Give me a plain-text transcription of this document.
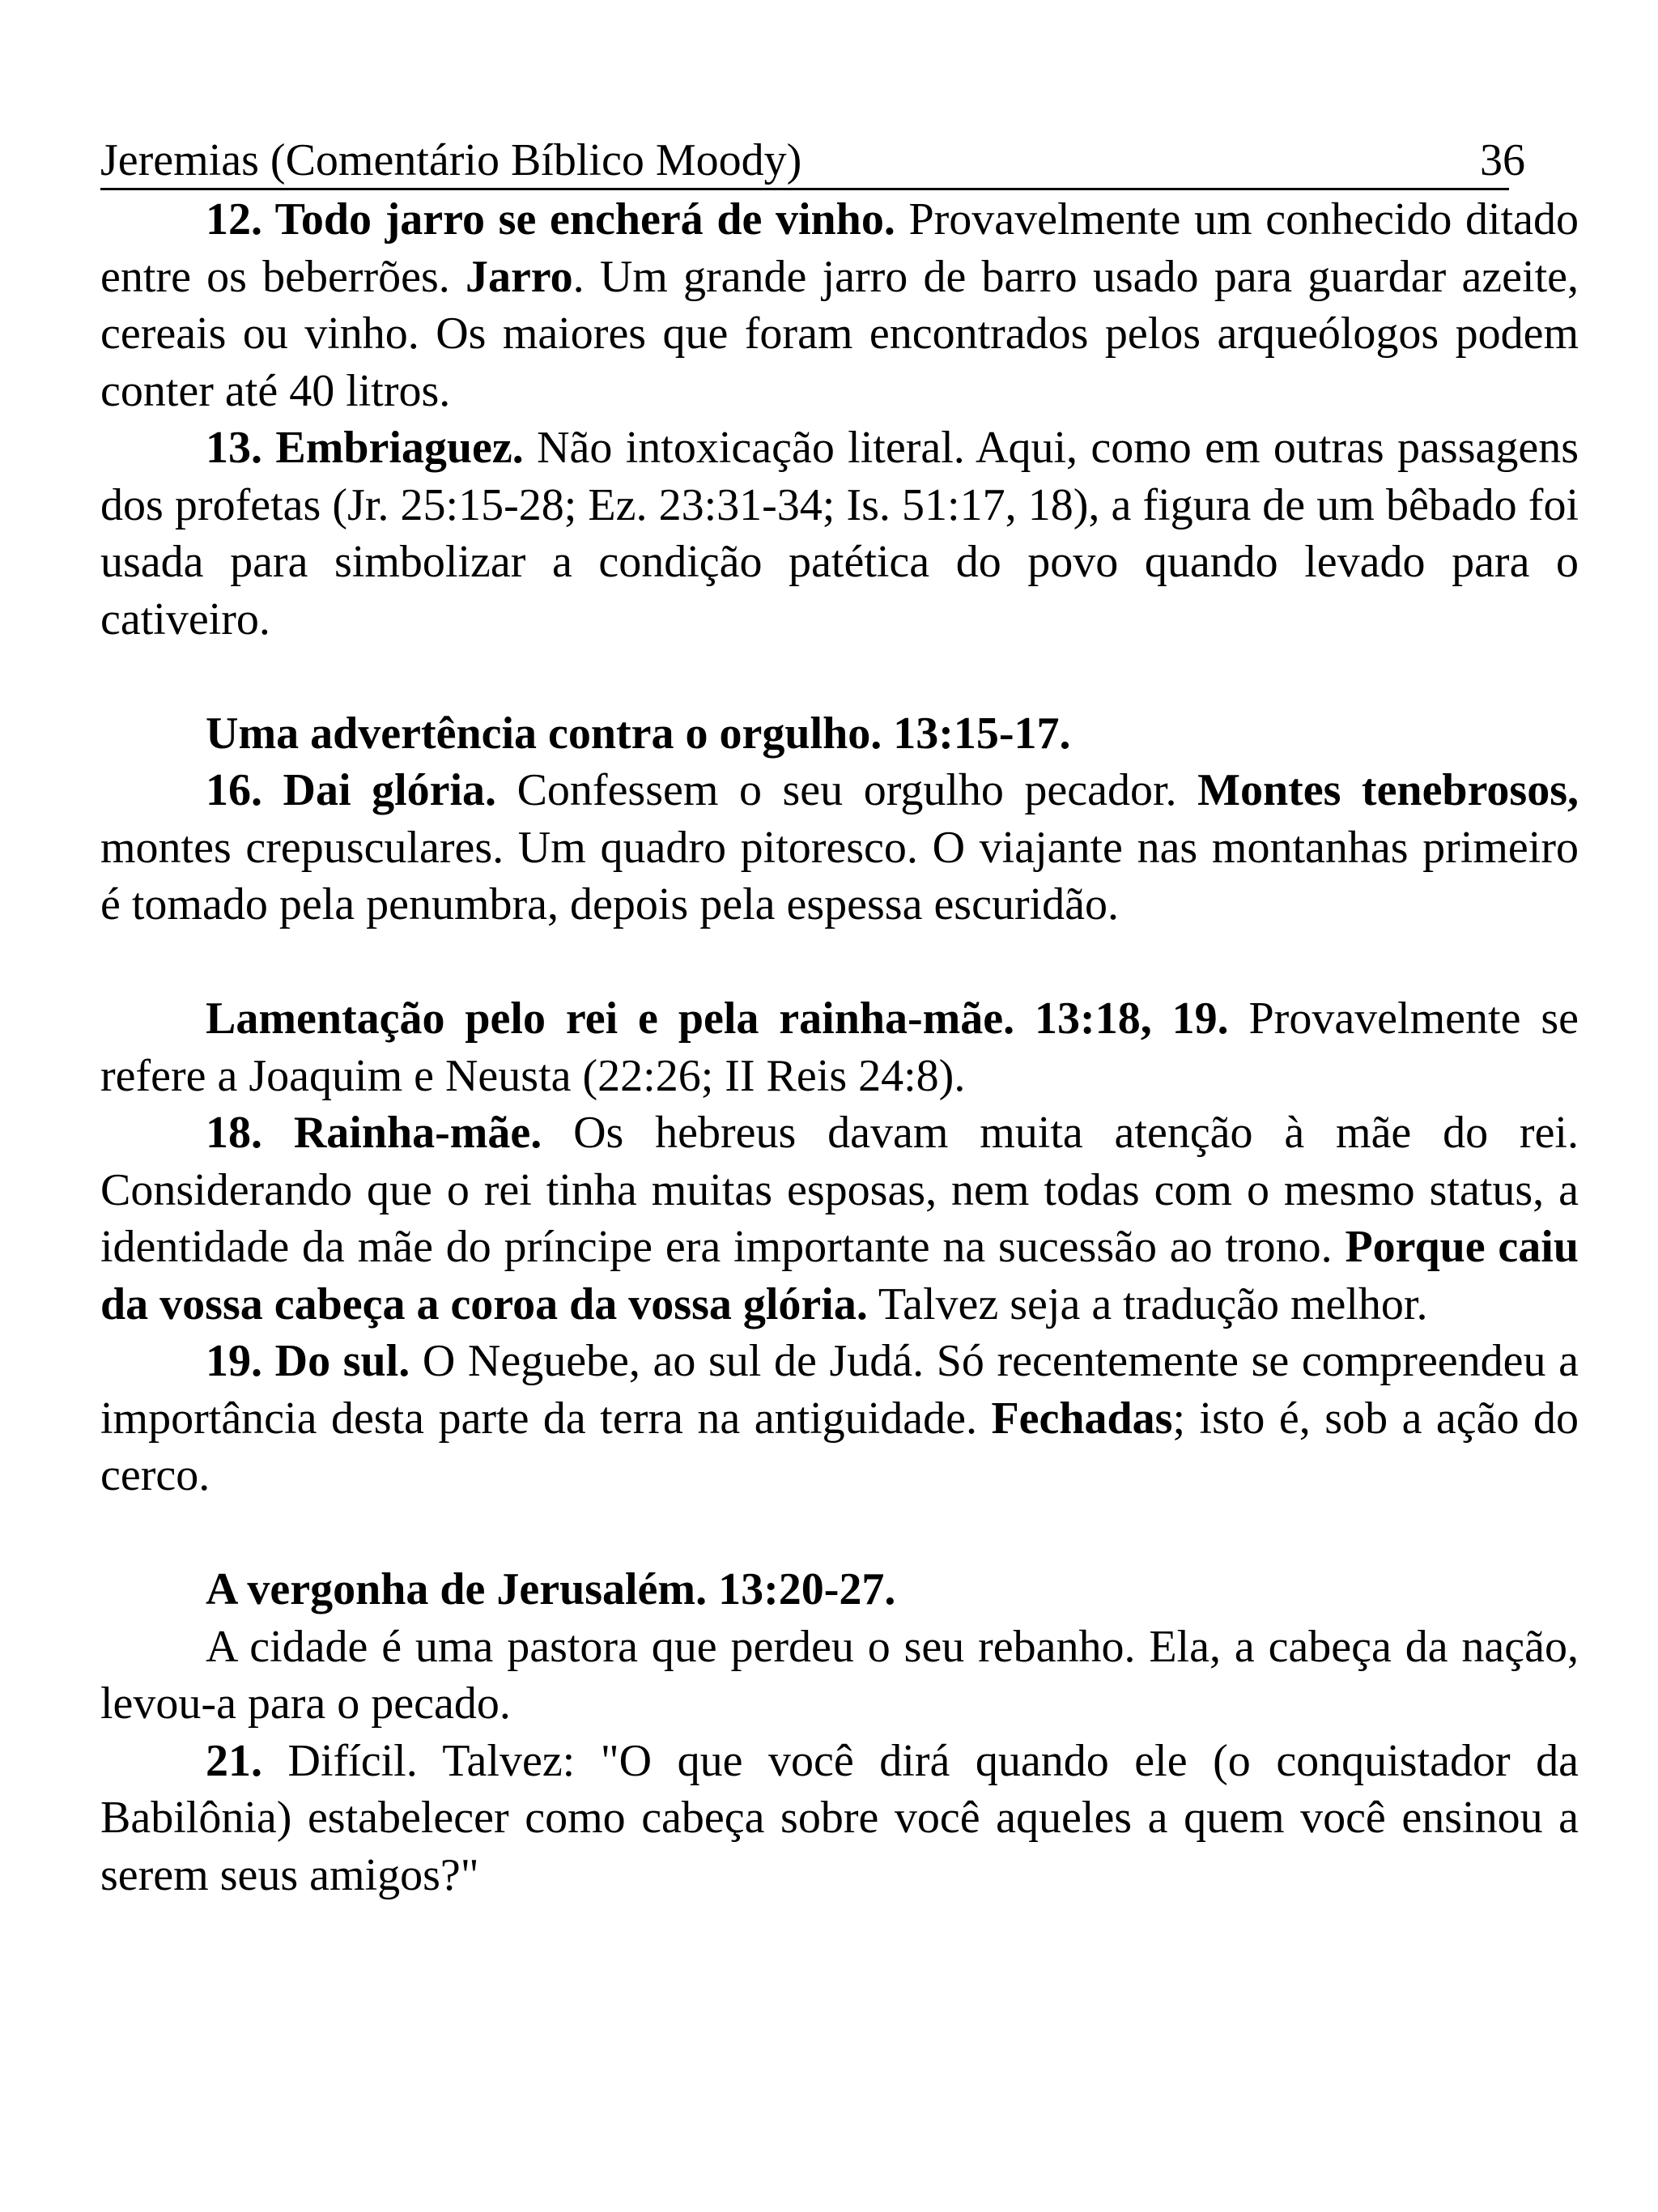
Jeremias (Comentário Bíblico Moody)	36

12. Todo jarro se encherá de vinho. Provavelmente um conhecido ditado entre os beberrões. Jarro. Um grande jarro de barro usado para guardar azeite, cereais ou vinho. Os maiores que foram encontrados pelos arqueólogos podem conter até 40 litros.

13. Embriaguez. Não intoxicação literal. Aqui, como em outras passagens dos profetas (Jr. 25:15-28; Ez. 23:31-34; Is. 51:17, 18), a figura de um bêbado foi usada para simbolizar a condição patética do povo quando levado para o cativeiro.

Uma advertência contra o orgulho. 13:15-17.

16. Dai glória. Confessem o seu orgulho pecador. Montes tenebrosos, montes crepusculares. Um quadro pitoresco. O viajante nas montanhas primeiro é tomado pela penumbra, depois pela espessa escuridão.

Lamentação pelo rei e pela rainha-mãe. 13:18, 19. Provavelmente se refere a Joaquim e Neusta (22:26; II Reis 24:8).

18. Rainha-mãe. Os hebreus davam muita atenção à mãe do rei. Considerando que o rei tinha muitas esposas, nem todas com o mesmo status, a identidade da mãe do príncipe era importante na sucessão ao trono. Porque caiu da vossa cabeça a coroa da vossa glória. Talvez seja a tradução melhor.

19. Do sul. O Neguebe, ao sul de Judá. Só recentemente se compreendeu a importância desta parte da terra na antiguidade. Fechadas; isto é, sob a ação do cerco.

A vergonha de Jerusalém. 13:20-27.

A cidade é uma pastora que perdeu o seu rebanho. Ela, a cabeça da nação, levou-a para o pecado.

21. Difícil. Talvez: "O que você dirá quando ele (o conquistador da Babilônia) estabelecer como cabeça sobre você aqueles a quem você ensinou a serem seus amigos?"
